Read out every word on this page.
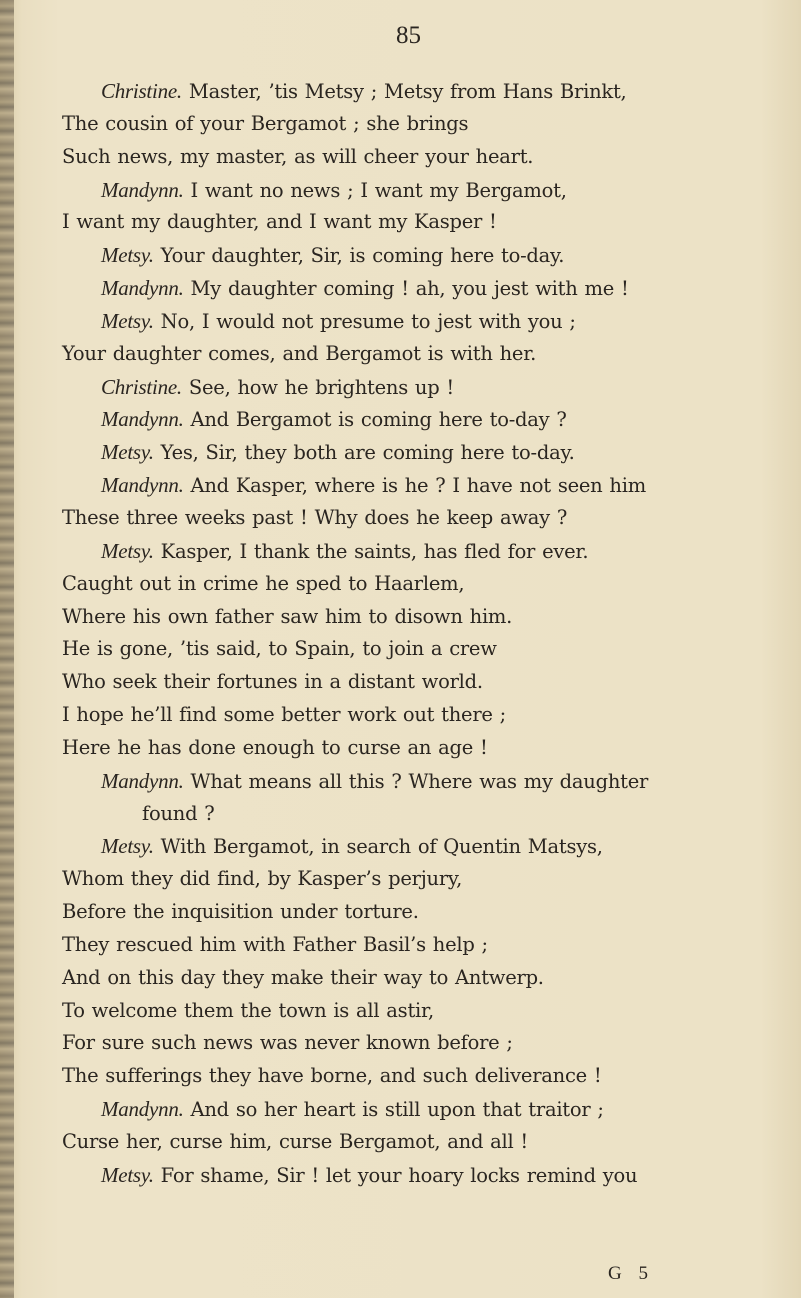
85
Christine. Master, ’tis Metsy ; Metsy from Hans Brinkt,
The cousin of your Bergamot ; she brings
Such news, my master, as will cheer your heart.
Mandynn. I want no news ; I want my Bergamot,
I want my daughter, and I want my Kasper !
Metsy. Your daughter, Sir, is coming here to-day.
Mandynn. My daughter coming ! ah, you jest with me !
Metsy. No, I would not presume to jest with you ;
Your daughter comes, and Bergamot is with her.
Christine. See, how he brightens up !
Mandynn. And Bergamot is coming here to-day ?
Metsy. Yes, Sir, they both are coming here to-day.
Mandynn. And Kasper, where is he ? I have not seen him
These three weeks past ! Why does he keep away ?
Metsy. Kasper, I thank the saints, has fled for ever.
Caught out in crime he sped to Haarlem,
Where his own father saw him to disown him.
He is gone, ’tis said, to Spain, to join a crew
Who seek their fortunes in a distant world.
I hope he’ll find some better work out there ;
Here he has done enough to curse an age !
Mandynn. What means all this ? Where was my daughter
found ?
Metsy. With Bergamot, in search of Quentin Matsys,
Whom they did find, by Kasper’s perjury,
Before the inquisition under torture.
They rescued him with Father Basil’s help ;
And on this day they make their way to Antwerp.
To welcome them the town is all astir,
For sure such news was never known before ;
The sufferings they have borne, and such deliverance !
Mandynn. And so her heart is still upon that traitor ;
Curse her, curse him, curse Bergamot, and all !
Metsy. For shame, Sir ! let your hoary locks remind you
G 5
